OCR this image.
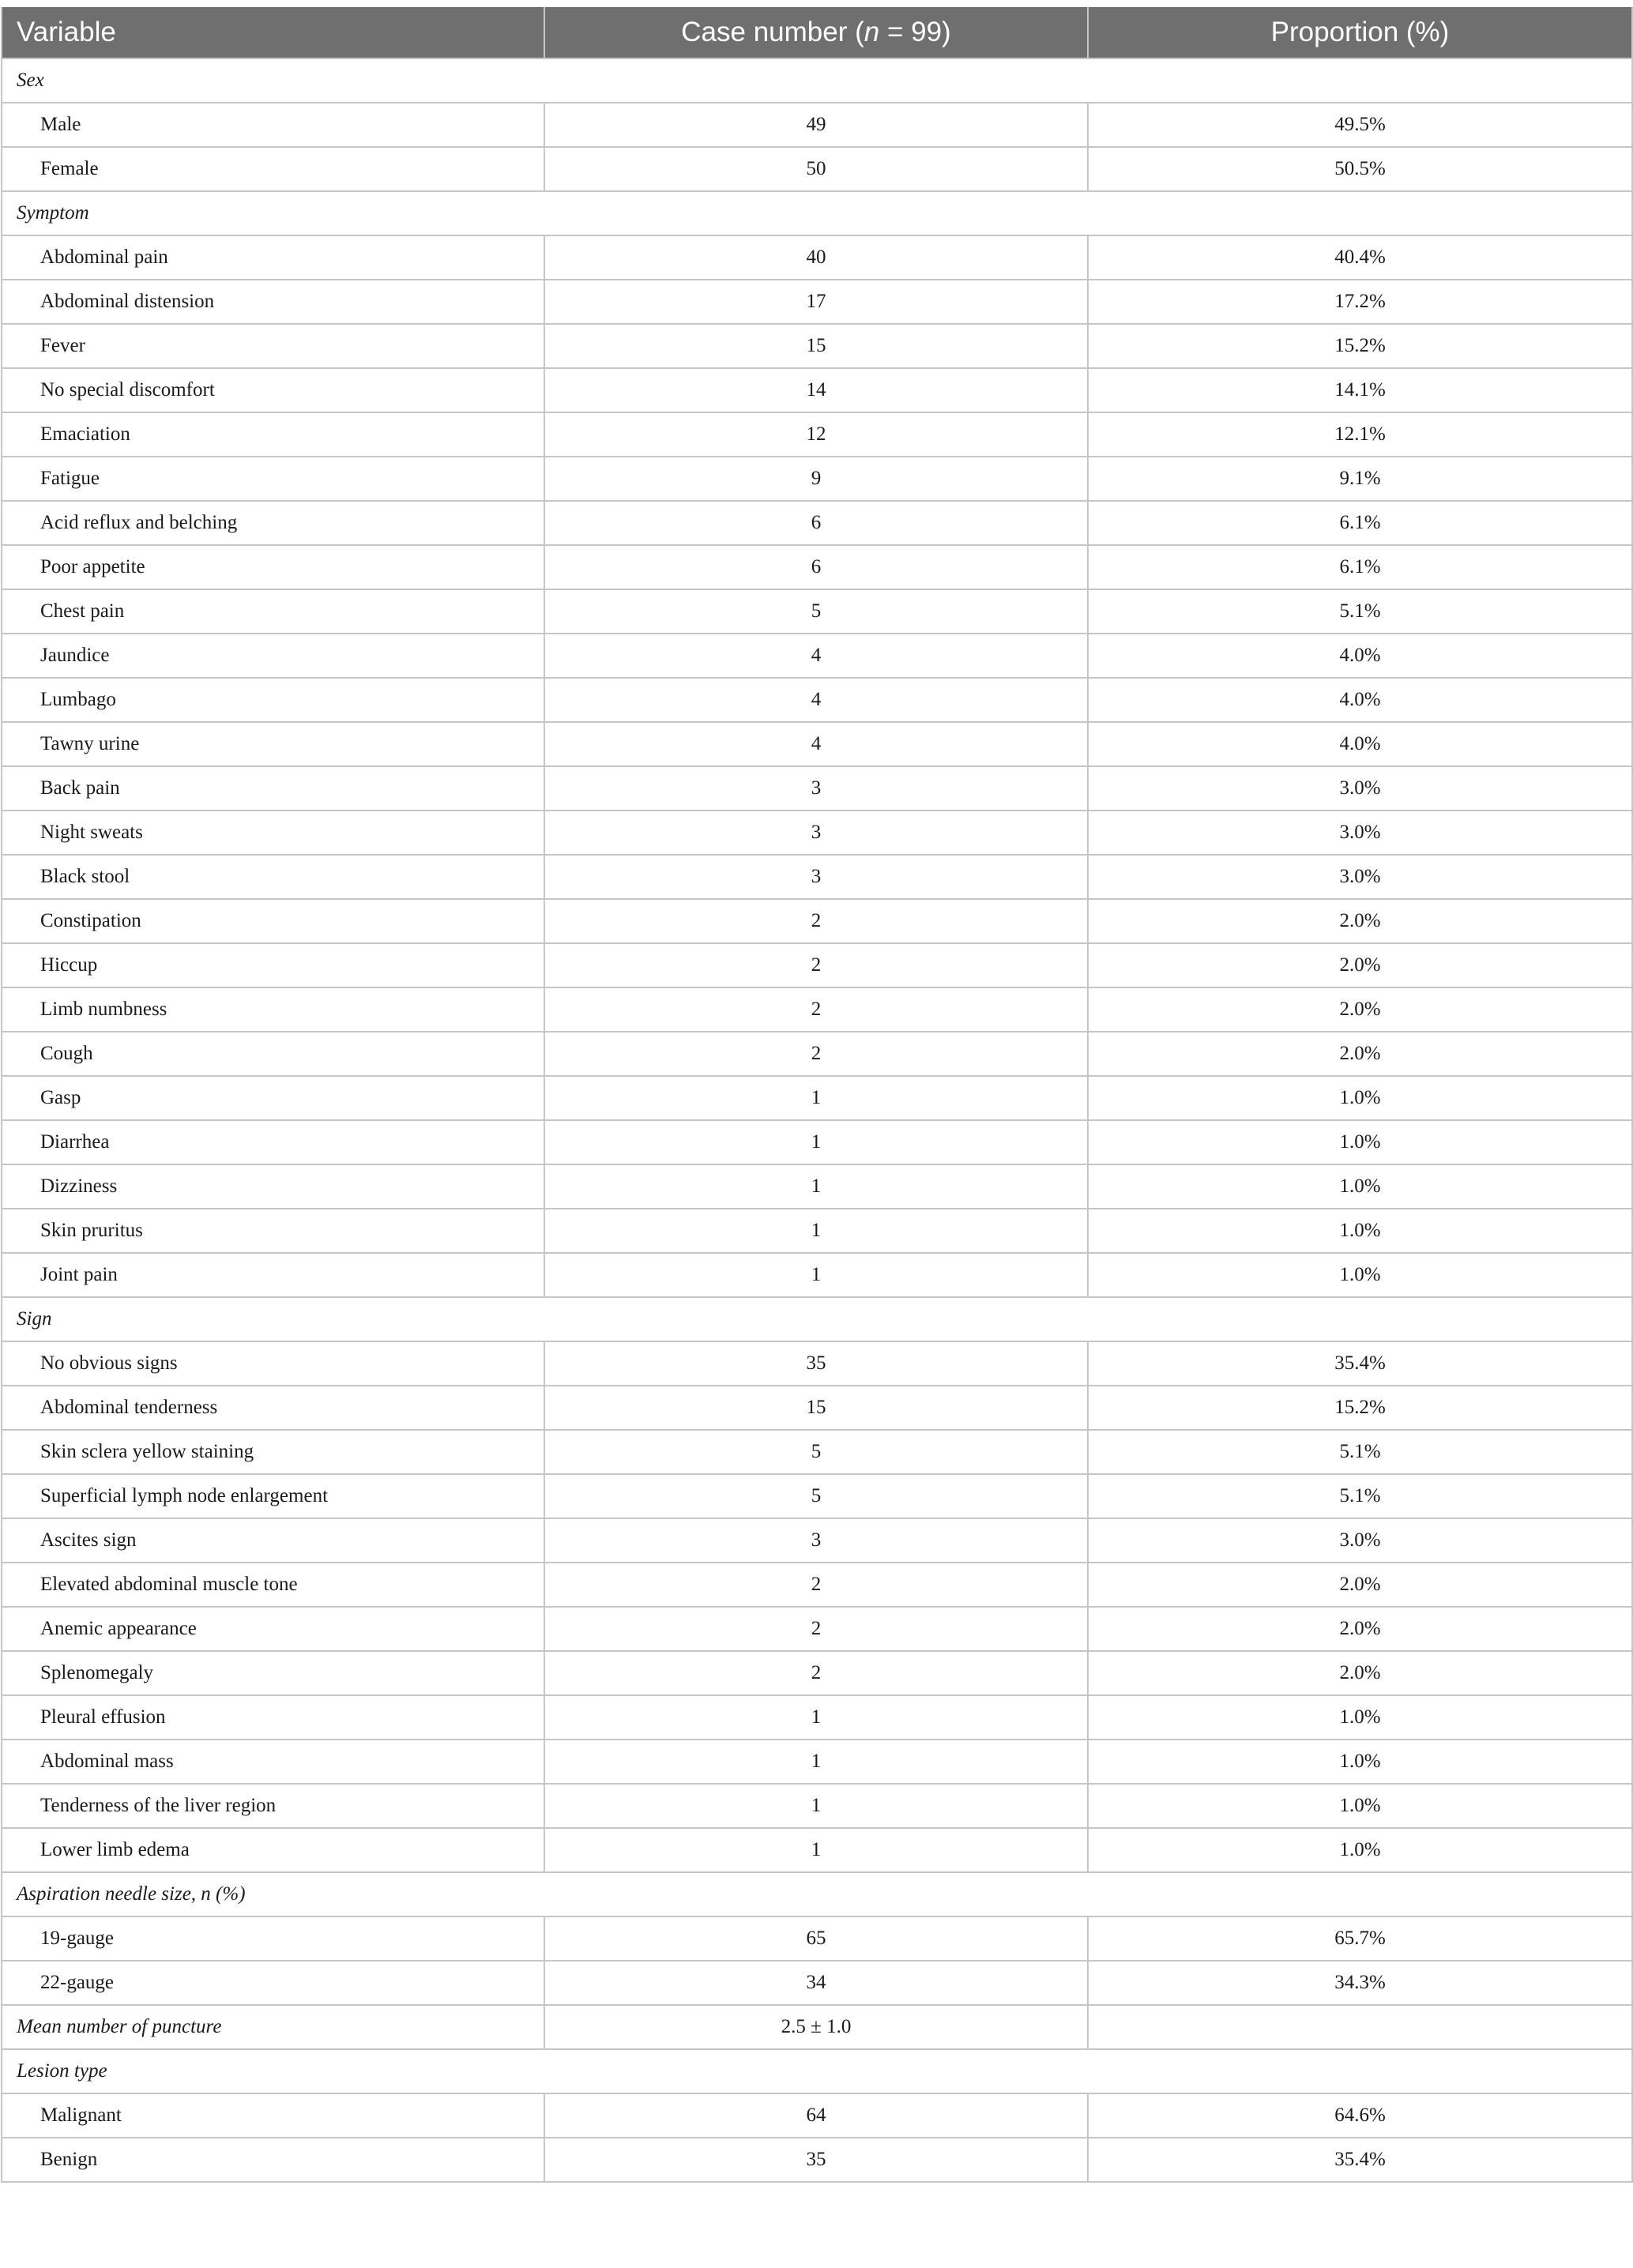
Variable	Case number (n = 99)	Proportion (%)
Sex		
Male	49	49.5%
Female	50	50.5%
Symptom		
Abdominal pain	40	40.4%
Abdominal distension	17	17.2%
Fever	15	15.2%
No special discomfort	14	14.1%
Emaciation	12	12.1%
Fatigue	9	9.1%
Acid reflux and belching	6	6.1%
Poor appetite	6	6.1%
Chest pain	5	5.1%
Jaundice	4	4.0%
Lumbago	4	4.0%
Tawny urine	4	4.0%
Back pain	3	3.0%
Night sweats	3	3.0%
Black stool	3	3.0%
Constipation	2	2.0%
Hiccup	2	2.0%
Limb numbness	2	2.0%
Cough	2	2.0%
Gasp	1	1.0%
Diarrhea	1	1.0%
Dizziness	1	1.0%
Skin pruritus	1	1.0%
Joint pain	1	1.0%
Sign		
No obvious signs	35	35.4%
Abdominal tenderness	15	15.2%
Skin sclera yellow staining	5	5.1%
Superficial lymph node enlargement	5	5.1%
Ascites sign	3	3.0%
Elevated abdominal muscle tone	2	2.0%
Anemic appearance	2	2.0%
Splenomegaly	2	2.0%
Pleural effusion	1	1.0%
Abdominal mass	1	1.0%
Tenderness of the liver region	1	1.0%
Lower limb edema	1	1.0%
Aspiration needle size, n (%)		
19-gauge	65	65.7%
22-gauge	34	34.3%
Mean number of puncture	2.5 ± 1.0	
Lesion type		
Malignant	64	64.6%
Benign	35	35.4%
